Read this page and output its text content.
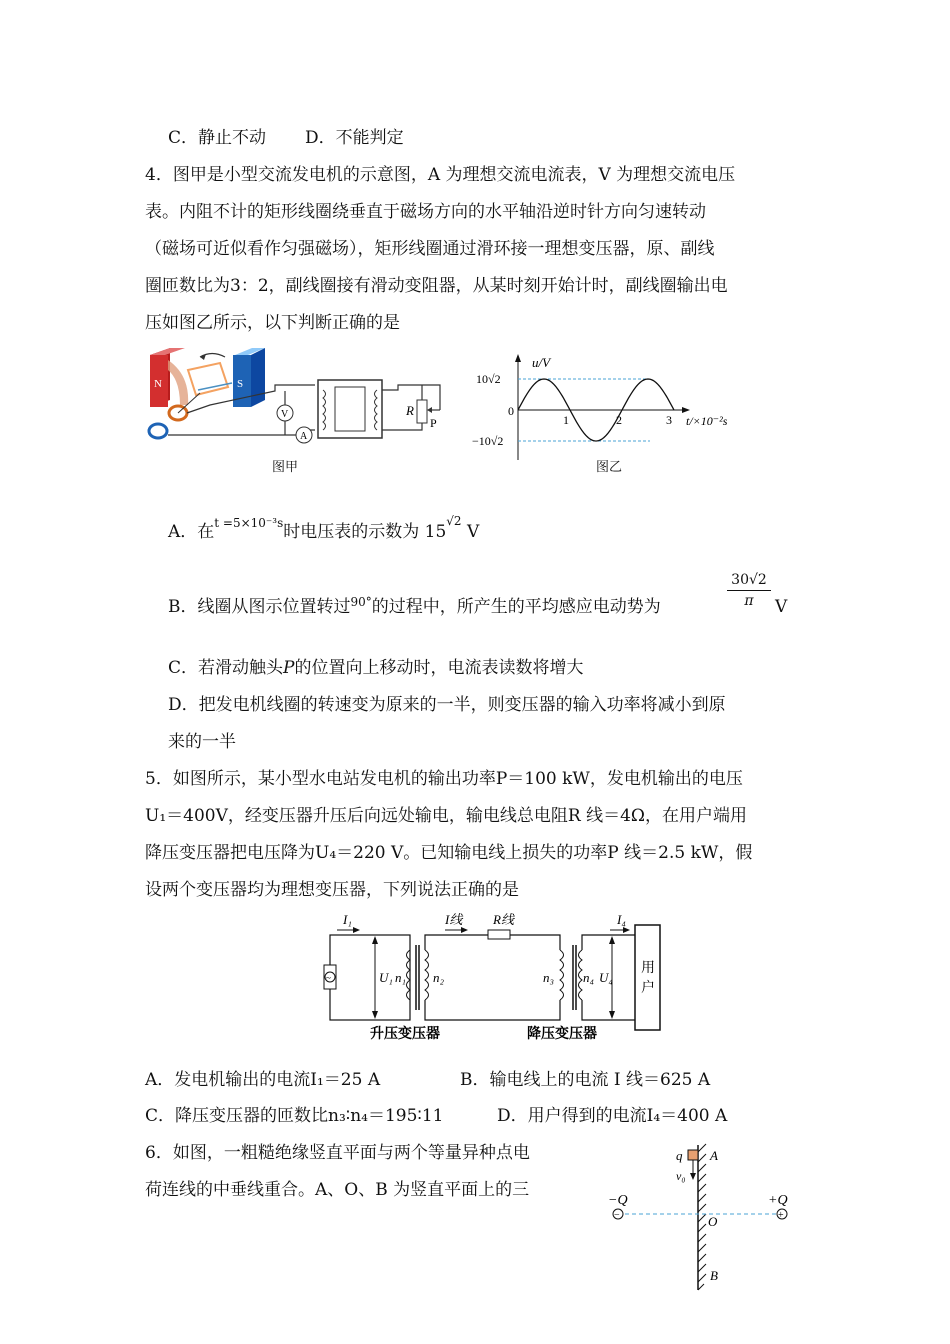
C．静止不动 D．不能判定
4．图甲是小型交流发电机的示意图，A 为理想交流电流表，V 为理想交流电压
表。内阻不计的矩形线圈绕垂直于磁场方向的水平轴沿逆时针方向匀速转动
（磁场可近似看作匀强磁场），矩形线圈通过滑环接一理想变压器，原、副线
圈匝数比为3：2，副线圈接有滑动变阻器，从某时刻开始计时，副线圈输出电
压如图乙所示，以下判断正确的是
N	S
V
A
R
P
图甲
u/V
10√2
−10√2
0
1	2	3 t/×10⁻²s
图乙
A．在$^{t =5\times 10^{-3}s}$时电压表的示数为 $15^{√2}$ V
B．线圈从图示位置转过$^{90^\circ}$的过程中，所产生的平均感应电动势为	$\frac{30√2}{\pi}$ V
C．若滑动触头P的位置向上移动时，电流表读数将增大
D．把发电机线圈的转速变为原来的一半，则变压器的输入功率将减小到原
来的一半
5．如图所示，某小型水电站发电机的输出功率P＝100 kW，发电机输出的电压
U₁＝400V，经变压器升压后向远处输电，输电线总电阻R 线＝4Ω，在用户端用
降压变压器把电压降为U₄＝220 V。已知输电线上损失的功率P 线＝2.5 kW，假
设两个变压器均为理想变压器，下列说法正确的是
~
I₁	I线 R线	I₄
U₁ n₁ n₂	n₃ n₄ U₄
用
户
升压变压器	降压变压器
A．发电机输出的电流I₁＝25 A	B．输电线上的电流 I 线＝625 A
C．降压变压器的匝数比n₃∶n₄＝195∶11	D．用户得到的电流I₄＝400 A
6．如图，一粗糙绝缘竖直平面与两个等量异种点电
荷连线的中垂线重合。A、O、B 为竖直平面上的三
−	+
q
v₀
A
O
B
−Q	+Q
